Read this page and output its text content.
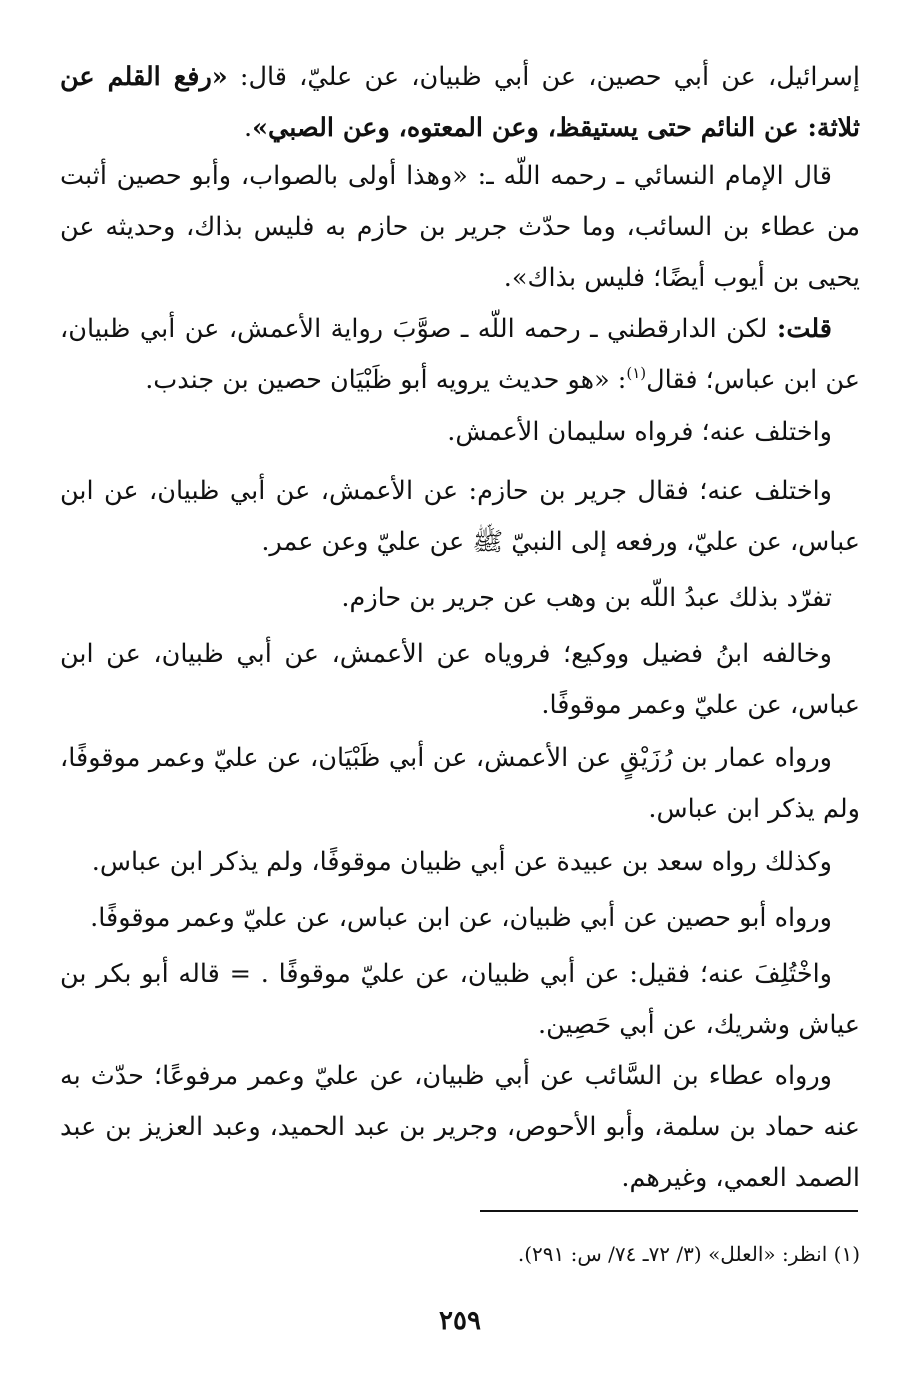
إسرائيل، عن أبي حصين، عن أبي ظبيان، عن عليّ، قال: «رفع القلم عن ثلاثة: عن النائم حتى يستيقظ، وعن المعتوه، وعن الصبي».

قال الإمام النسائي ـ رحمه اللّه ـ: «وهذا أولى بالصواب، وأبو حصين أثبت من عطاء بن السائب، وما حدّث جرير بن حازم به فليس بذاك، وحديثه عن يحيى بن أيوب أيضًا؛ فليس بذاك».

قلت: لكن الدارقطني ـ رحمه اللّه ـ صوَّبَ رواية الأعمش، عن أبي ظبيان، عن ابن عباس؛ فقال$^{(١)}$: «هو حديث يرويه أبو ظَبْيَان حصين بن جندب.

واختلف عنه؛ فرواه سليمان الأعمش.

واختلف عنه؛ فقال جرير بن حازم: عن الأعمش، عن أبي ظبيان، عن ابن عباس، عن عليّ، ورفعه إلى النبيّ ﷺ عن عليّ وعن عمر.

تفرّد بذلك عبدُ اللّه بن وهب عن جرير بن حازم.

وخالفه ابنُ فضيل ووكيع؛ فروياه عن الأعمش، عن أبي ظبيان، عن ابن عباس، عن عليّ وعمر موقوفًا.

ورواه عمار بن رُزَيْقٍ عن الأعمش، عن أبي ظَبْيَان، عن عليّ وعمر موقوفًا، ولم يذكر ابن عباس.

وكذلك رواه سعد بن عبيدة عن أبي ظبيان موقوفًا، ولم يذكر ابن عباس.

ورواه أبو حصين عن أبي ظبيان، عن ابن عباس، عن عليّ وعمر موقوفًا.

واخْتُلِفَ عنه؛ فقيل: عن أبي ظبيان، عن عليّ موقوفًا . = قاله أبو بكر بن عياش وشريك، عن أبي حَصِين.

ورواه عطاء بن السَّائب عن أبي ظبيان، عن عليّ وعمر مرفوعًا؛ حدّث به عنه حماد بن سلمة، وأبو الأحوص، وجرير بن عبد الحميد، وعبد العزيز بن عبد الصمد العمي، وغيرهم.

(١) انظر: «العلل» (٣/ ٧٢ـ ٧٤/ س: ٢٩١).

٢٥٩
